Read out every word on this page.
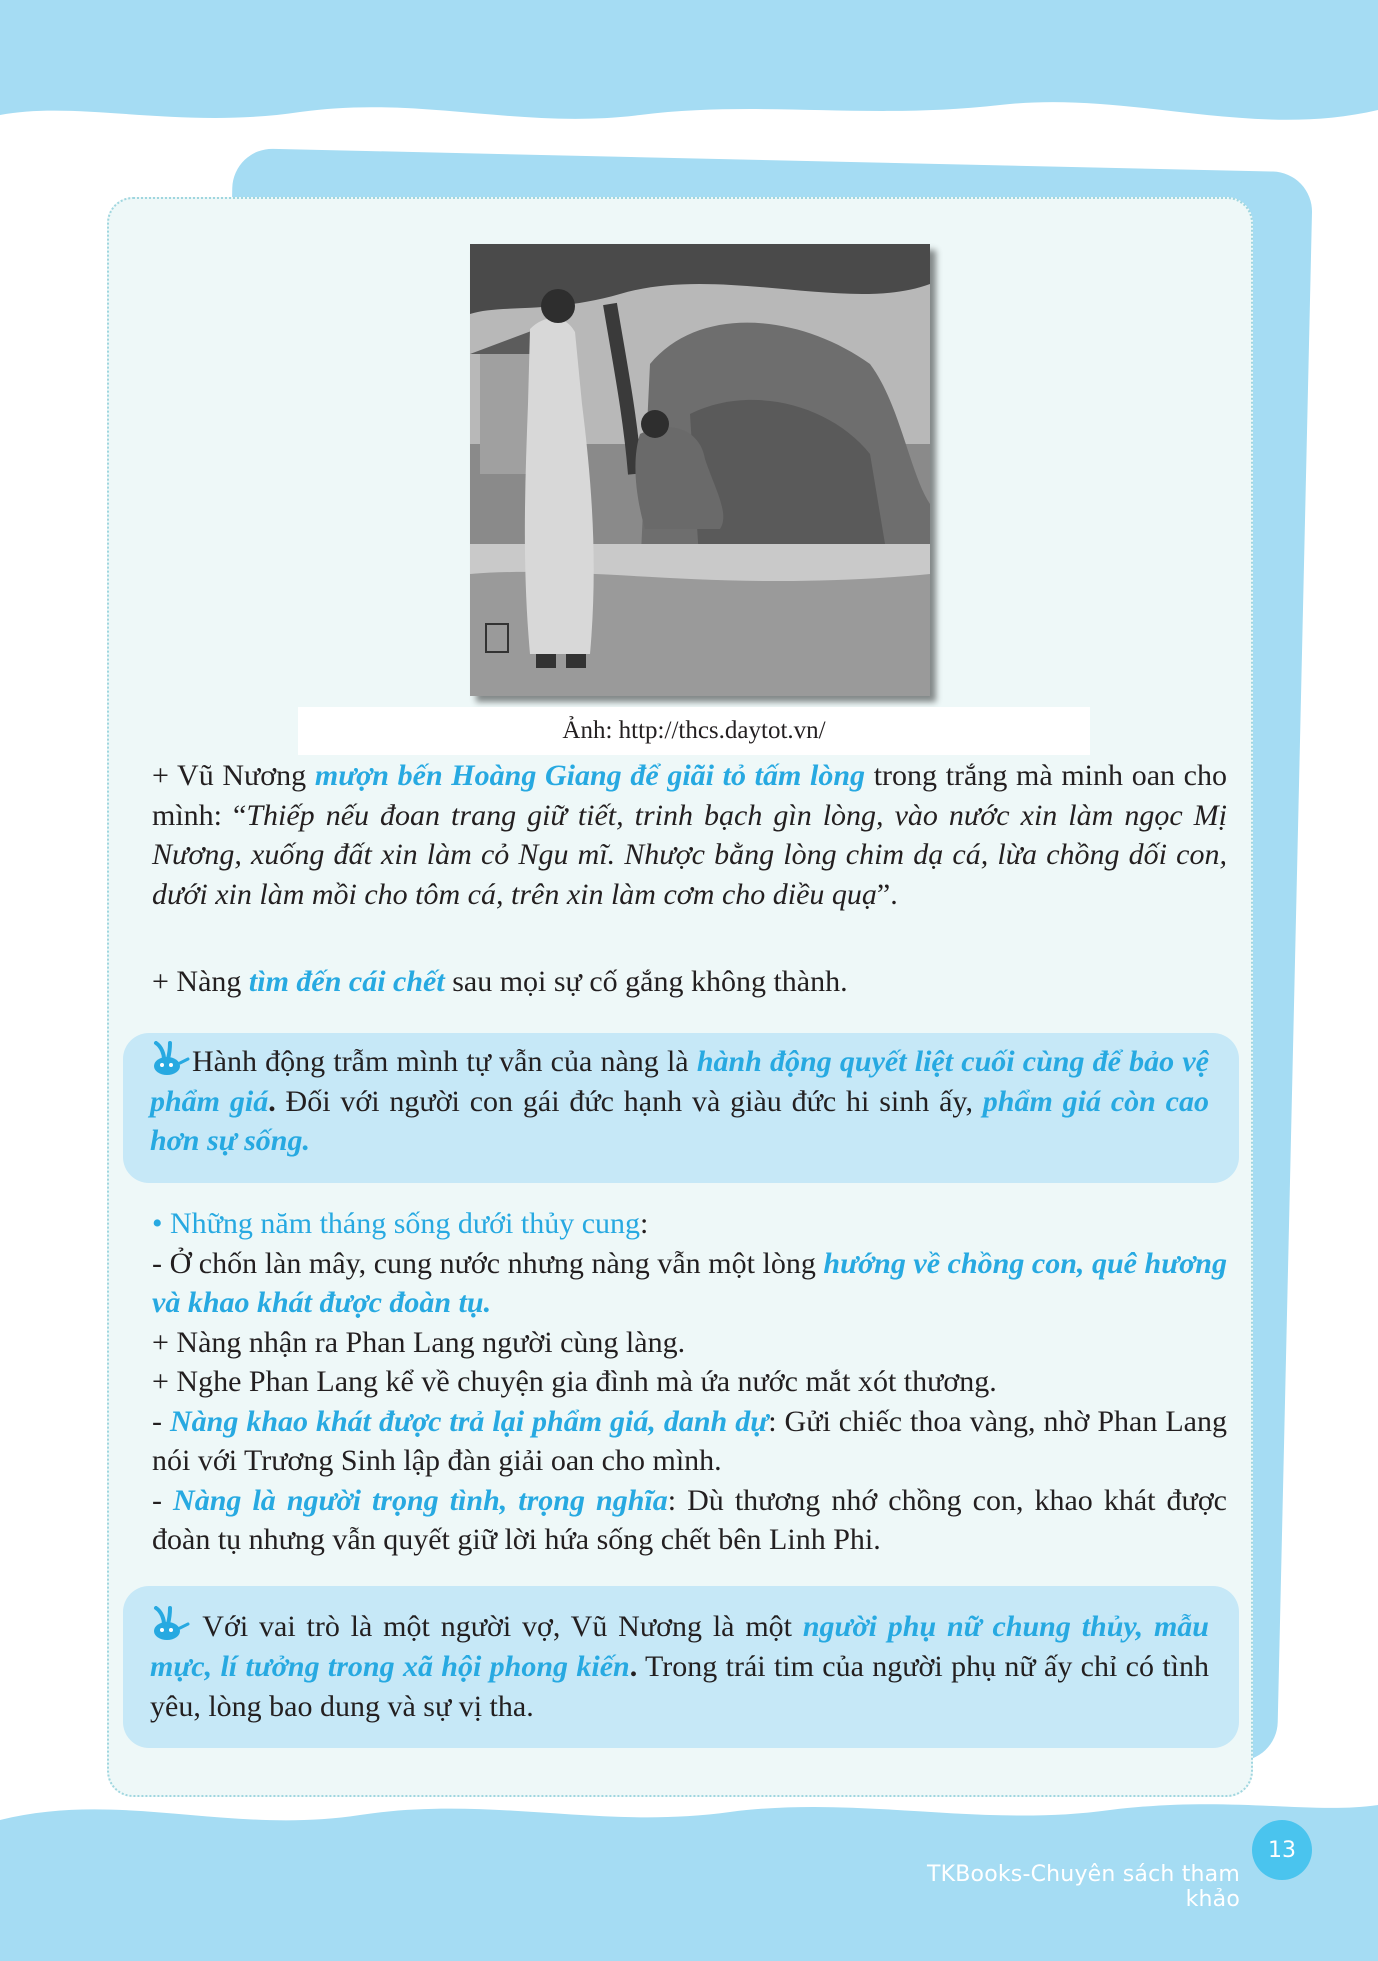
Ảnh: http://thcs.daytot.vn/
+ Vũ Nương mượn bến Hoàng Giang để giãi tỏ tấm lòng trong trắng mà minh oan cho mình: “Thiếp nếu đoan trang giữ tiết, trinh bạch gìn lòng, vào nước xin làm ngọc Mị Nương, xuống đất xin làm cỏ Ngu mĩ. Nhược bằng lòng chim dạ cá, lừa chồng dối con, dưới xin làm mồi cho tôm cá, trên xin làm cơm cho diều quạ”.
+ Nàng tìm đến cái chết sau mọi sự cố gắng không thành.
Hành động trẫm mình tự vẫn của nàng là hành động quyết liệt cuối cùng để bảo vệ phẩm giá. Đối với người con gái đức hạnh và giàu đức hi sinh ấy, phẩm giá còn cao hơn sự sống.
• Những năm tháng sống dưới thủy cung:
- Ở chốn làn mây, cung nước nhưng nàng vẫn một lòng hướng về chồng con, quê hương và khao khát được đoàn tụ.
+ Nàng nhận ra Phan Lang người cùng làng.
+ Nghe Phan Lang kể về chuyện gia đình mà ứa nước mắt xót thương.
- Nàng khao khát được trả lại phẩm giá, danh dự: Gửi chiếc thoa vàng, nhờ Phan Lang nói với Trương Sinh lập đàn giải oan cho mình.
- Nàng là người trọng tình, trọng nghĩa: Dù thương nhớ chồng con, khao khát được đoàn tụ nhưng vẫn quyết giữ lời hứa sống chết bên Linh Phi.
Với vai trò là một người vợ, Vũ Nương là một người phụ nữ chung thủy, mẫu mực, lí tưởng trong xã hội phong kiến. Trong trái tim của người phụ nữ ấy chỉ có tình yêu, lòng bao dung và sự vị tha.
TKBooks-Chuyên sách tham khảo
13
